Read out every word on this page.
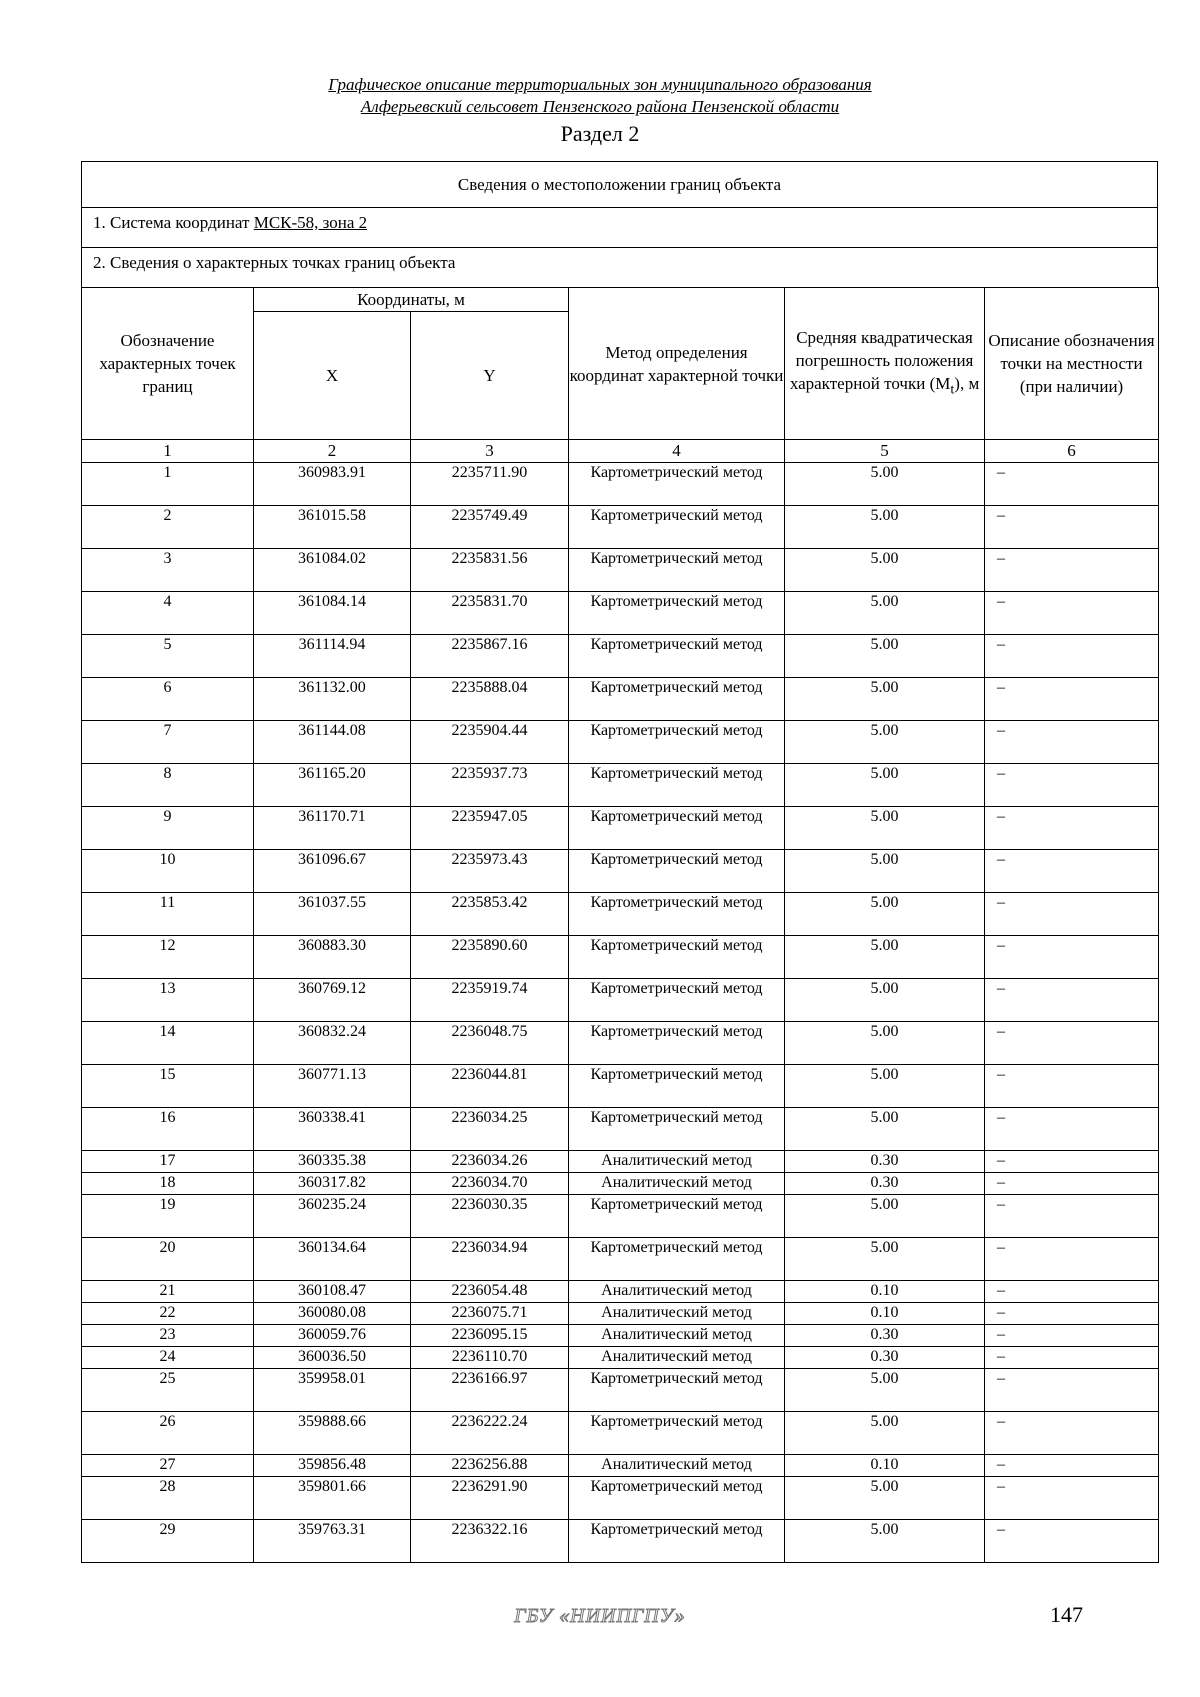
Графическое описание территориальных зон муниципального образования
Алферьевский сельсовет Пензенского района Пензенской области
Раздел 2
Сведения о местоположении границ объекта
1. Система координат МСК-58, зона 2
2. Сведения о характерных точках границ объекта
Обозначение характерных точек границ	Координаты, м		Метод определения координат характерной точки	Средняя квадратическая погрешность положения характерной точки $(M_t)$, м	Описание обозначения точки на местности (при наличии)
	X	Y			
1	2	3	4	5	6
1	360983.91	2235711.90	Картометрический метод	5.00	–
2	361015.58	2235749.49	Картометрический метод	5.00	–
3	361084.02	2235831.56	Картометрический метод	5.00	–
4	361084.14	2235831.70	Картометрический метод	5.00	–
5	361114.94	2235867.16	Картометрический метод	5.00	–
6	361132.00	2235888.04	Картометрический метод	5.00	–
7	361144.08	2235904.44	Картометрический метод	5.00	–
8	361165.20	2235937.73	Картометрический метод	5.00	–
9	361170.71	2235947.05	Картометрический метод	5.00	–
10	361096.67	2235973.43	Картометрический метод	5.00	–
11	361037.55	2235853.42	Картометрический метод	5.00	–
12	360883.30	2235890.60	Картометрический метод	5.00	–
13	360769.12	2235919.74	Картометрический метод	5.00	–
14	360832.24	2236048.75	Картометрический метод	5.00	–
15	360771.13	2236044.81	Картометрический метод	5.00	–
16	360338.41	2236034.25	Картометрический метод	5.00	–
17	360335.38	2236034.26	Аналитический метод	0.30	–
18	360317.82	2236034.70	Аналитический метод	0.30	–
19	360235.24	2236030.35	Картометрический метод	5.00	–
20	360134.64	2236034.94	Картометрический метод	5.00	–
21	360108.47	2236054.48	Аналитический метод	0.10	–
22	360080.08	2236075.71	Аналитический метод	0.10	–
23	360059.76	2236095.15	Аналитический метод	0.30	–
24	360036.50	2236110.70	Аналитический метод	0.30	–
25	359958.01	2236166.97	Картометрический метод	5.00	–
26	359888.66	2236222.24	Картометрический метод	5.00	–
27	359856.48	2236256.88	Аналитический метод	0.10	–
28	359801.66	2236291.90	Картометрический метод	5.00	–
29	359763.31	2236322.16	Картометрический метод	5.00	–
ГБУ «НИИПГПУ»	147
